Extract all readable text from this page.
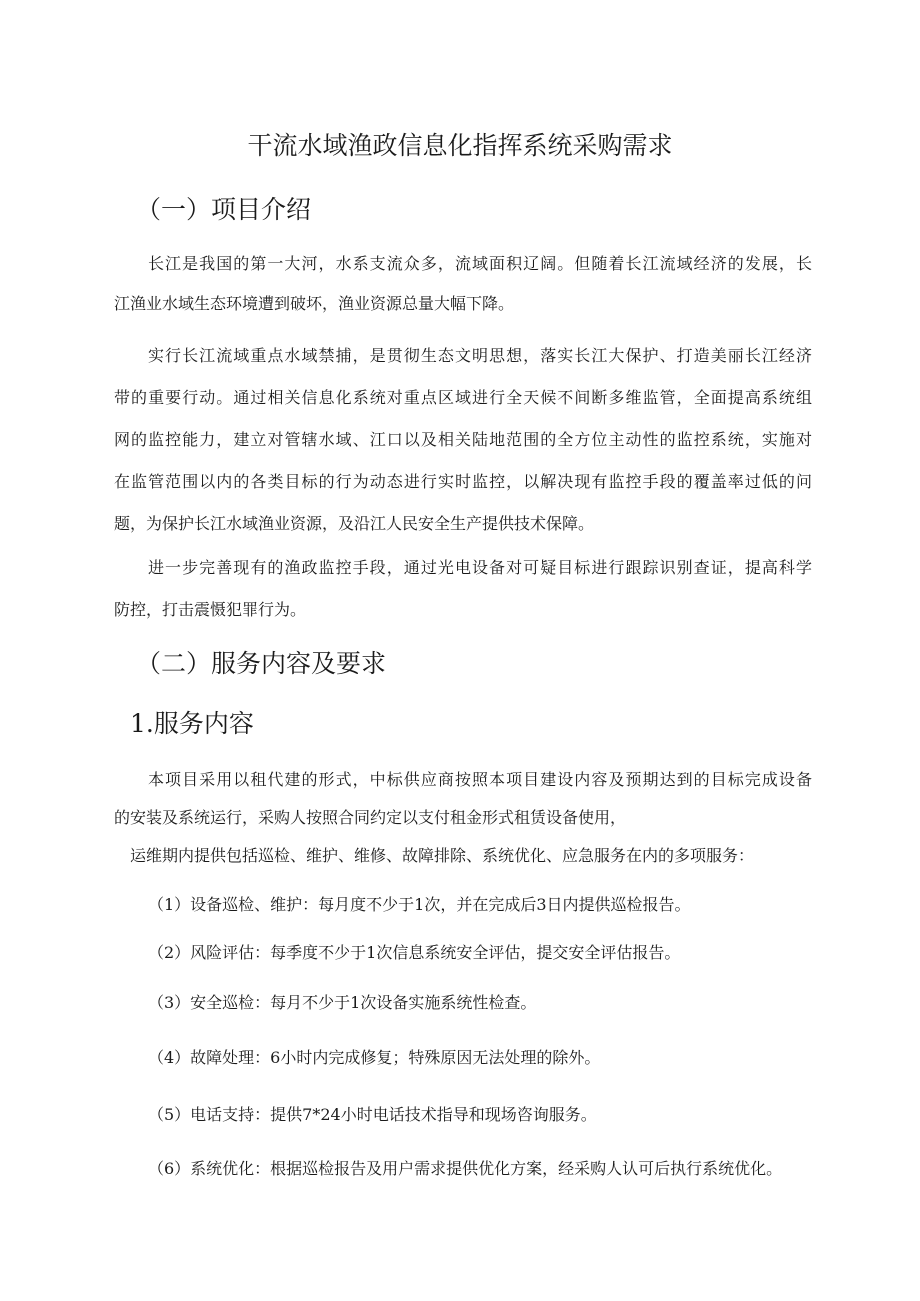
干流水域渔政信息化指挥系统采购需求
（一）项目介绍
长江是我国的第一大河，水系支流众多，流域面积辽阔。但随着长江流域经济的发展，长
江渔业水域生态环境遭到破坏，渔业资源总量大幅下降。
实行长江流域重点水域禁捕，是贯彻生态文明思想，落实长江大保护、打造美丽长江经济
带的重要行动。通过相关信息化系统对重点区域进行全天候不间断多维监管，全面提高系统组
网的监控能力，建立对管辖水域、江口以及相关陆地范围的全方位主动性的监控系统，实施对
在监管范围以内的各类目标的行为动态进行实时监控，以解决现有监控手段的覆盖率过低的问
题，为保护长江水域渔业资源，及沿江人民安全生产提供技术保障。
进一步完善现有的渔政监控手段，通过光电设备对可疑目标进行跟踪识别查证，提高科学
防控，打击震慑犯罪行为。
（二）服务内容及要求
1.服务内容
本项目采用以租代建的形式，中标供应商按照本项目建设内容及预期达到的目标完成设备
的安装及系统运行，采购人按照合同约定以支付租金形式租赁设备使用，
运维期内提供包括巡检、维护、维修、故障排除、系统优化、应急服务在内的多项服务：
（1）设备巡检、维护：每月度不少于1次，并在完成后3日内提供巡检报告。
（2）风险评估：每季度不少于1次信息系统安全评估，提交安全评估报告。
（3）安全巡检：每月不少于1次设备实施系统性检查。
（4）故障处理：6小时内完成修复；特殊原因无法处理的除外。
（5）电话支持：提供7*24小时电话技术指导和现场咨询服务。
（6）系统优化：根据巡检报告及用户需求提供优化方案，经采购人认可后执行系统优化。
